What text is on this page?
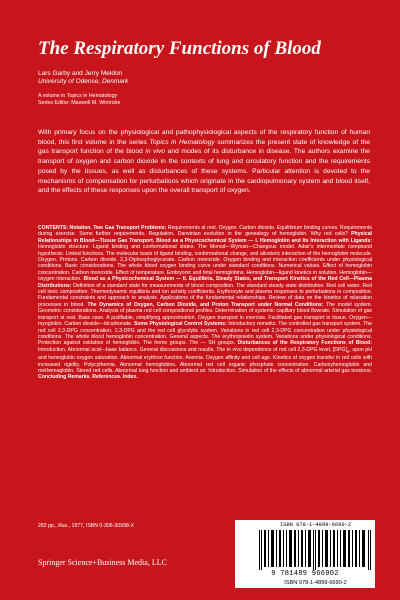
The Respiratory Functions of Blood
Lars Garby and Jerry Meldon
University of Odense, Denmark
A volume in Topics in Hematology
Series Editor: Maxwell M. Wintrobe
With primary focus on the physiological and pathophysiological aspects of the respiratory function of human blood, this first volume in the series Topics in Hematology summarizes the present state of knowledge of the gas transport function of the blood in vivo and modes of its disturbance in disease. The authors examine the transport of oxygen and carbon dioxide in the contexts of lung and circulatory function and the requirements posed by the tissues, as well as disturbances of these systems. Particular attention is devoted to the mechanisms of compensation for perturbations which originate in the cardiopulmonary system and blood itself, and the effects of these responses upon the overall transport of oxygen.
CONTENTS: Notation. Two Gas Transport Problems: Requirements at rest. Oxygen. Carbon dioxide. Equilibrium binding curves. Requirements during exercise. Some further requirements. Regulation. Darwinian evolution in the genealogy of hemoglobin. Why red cells? Physical Relationships in Blood—Tissue Gas Transport. Blood as a Physicochemical System — I. Hemoglobin and Its Interaction with Ligands: Hemoglobin structure. Ligand binding and conformational states. The Monod—Wyman—Changeux model. Adair's intermediate compound hypothesis. Linked functions. The molecular basis of ligand binding, conformational change, and allosteric interaction of the hemoglobin molecule. Oxygen. Protons. Carbon dioxide. 2,3-Diphosphoglycerate. Carbon monoxide. Oxygen binding and interaction coefficients under physiological conditions. Basic considerations. The whole blood oxygen binding curve under standard conditions. Numerical values. Effect of hemoglobin concentration. Carbon monoxide. Effect of temperature. Embryonic and fetal hemoglobins. Hemoglobin—ligand kinetics in solution. Hemoglobin—oxygen interaction. Blood as a Physicochemical System — II. Equilibria, Steady States, and Transport Kinetics of the Red Cell—Plasma Distributions: Definition of a standard state for measurements of blood composition. The standard steady state distribution. Red cell water. Red cell ionic composition. Thermodynamic equilibria and ion activity coefficients. Erythrocyte and plasma responses to perturbations in composition. Fundamental constraints and approach to analysis. Applications of the fundamental relationships. Review of data on the kinetics of relaxation processes in blood. The Dynamics of Oxygen, Carbon Dioxide, and Proton Transport under Normal Conditions: The model system. Geometric considerations. Analysis of plasma red cell compositional profiles. Determination of systemic capillary blood flowrate. Simulation of gas transport at rest. Base case. A justifiable, simplifying approximation. Oxygen transport in exercise. Facilitated gas transport in tissue. Oxygen—myoglobin. Carbon dioxide—bicarbonate. Some Physiological Control Systems: Introductory remarks. The controlled gas transport system. The red cell 2,3-DPG concentration. 2,3-DPG and the red cell glycolytic system. Variations in red cell 2,3-DPG concentration under physiological conditions. The whole blood hemoglobin concentration. General aspects. The erythropoietin system. Variations under physiological conditions. Protection against oxidation of hemoglobin. The heme groups. The — SH groups. Disturbances of the Respiratory Functions of Blood: Introduction. Abnormal acid—base balance. General discussions and results. The in vivo dependence of red cell 2,3-DPG level, $[DPG]_e$, upon pH and hemoglobin oxygen saturation. Abnormal erythron function. Anemia. Oxygen affinity and cell age. Kinetics of oxygen transfer in red cells with increased rigidity. Polycythemia. Abnormal hemoglobins. Abnormal red cell organic phosphate concentration. Carboxyhemoglobin and methemoglobin. Stored red cells. Abnormal lung function and ambient air. Introduction. Simulation of the effects of abnormal arterial gas tensions. Concluding Remarks. References. Index.
282 pp., illus., 1977, ISBN 0-306-30998-X
Springer Science+Business Media, LLC
ISBN 978-1-4899-6690-2
9 781489 966902
ISBN 978-1-4899-6690-2
